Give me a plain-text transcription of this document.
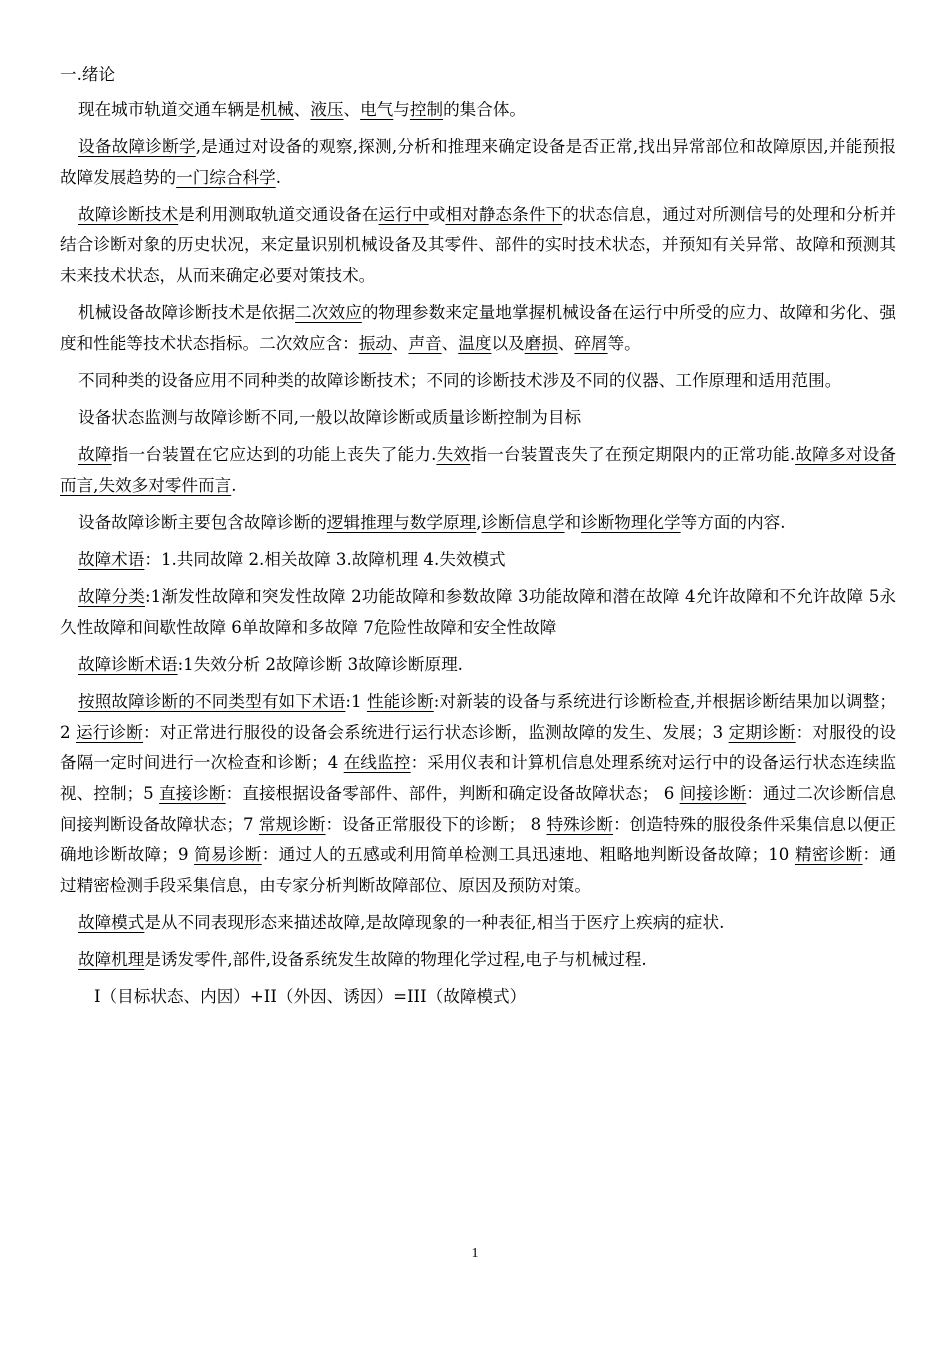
一.绪论

现在城市轨道交通车辆是机械、液压、电气与控制的集合体。

设备故障诊断学,是通过对设备的观察,探测,分析和推理来确定设备是否正常,找出异常部位和故障原因,并能预报故障发展趋势的一门综合科学.

故障诊断技术是利用测取轨道交通设备在运行中或相对静态条件下的状态信息，通过对所测信号的处理和分析并结合诊断对象的历史状况，来定量识别机械设备及其零件、部件的实时技术状态，并预知有关异常、故障和预测其未来技术状态，从而来确定必要对策技术。

机械设备故障诊断技术是依据二次效应的物理参数来定量地掌握机械设备在运行中所受的应力、故障和劣化、强度和性能等技术状态指标。二次效应含：振动、声音、温度以及磨损、碎屑等。

不同种类的设备应用不同种类的故障诊断技术；不同的诊断技术涉及不同的仪器、工作原理和适用范围。

设备状态监测与故障诊断不同,一般以故障诊断或质量诊断控制为目标

故障指一台装置在它应达到的功能上丧失了能力.失效指一台装置丧失了在预定期限内的正常功能.故障多对设备而言,失效多对零件而言.

设备故障诊断主要包含故障诊断的逻辑推理与数学原理,诊断信息学和诊断物理化学等方面的内容.

故障术语：1.共同故障 2.相关故障 3.故障机理 4.失效模式

故障分类:1渐发性故障和突发性故障 2功能故障和参数故障 3功能故障和潜在故障 4允许故障和不允许故障 5永久性故障和间歇性故障 6单故障和多故障 7危险性故障和安全性故障

故障诊断术语:1失效分析 2故障诊断 3故障诊断原理.

按照故障诊断的不同类型有如下术语:1 性能诊断:对新装的设备与系统进行诊断检查,并根据诊断结果加以调整；2 运行诊断：对正常进行服役的设备会系统进行运行状态诊断，监测故障的发生、发展；3 定期诊断：对服役的设备隔一定时间进行一次检查和诊断；4 在线监控：采用仪表和计算机信息处理系统对运行中的设备运行状态连续监视、控制；5 直接诊断：直接根据设备零部件、部件，判断和确定设备故障状态； 6 间接诊断：通过二次诊断信息间接判断设备故障状态；7 常规诊断：设备正常服役下的诊断； 8 特殊诊断：创造特殊的服役条件采集信息以便正确地诊断故障；9 简易诊断：通过人的五感或利用简单检测工具迅速地、粗略地判断设备故障；10 精密诊断：通过精密检测手段采集信息，由专家分析判断故障部位、原因及预防对策。

故障模式是从不同表现形态来描述故障,是故障现象的一种表征,相当于医疗上疾病的症状.

故障机理是诱发零件,部件,设备系统发生故障的物理化学过程,电子与机械过程.

I（目标状态、内因）+II（外因、诱因）=III（故障模式）

1
